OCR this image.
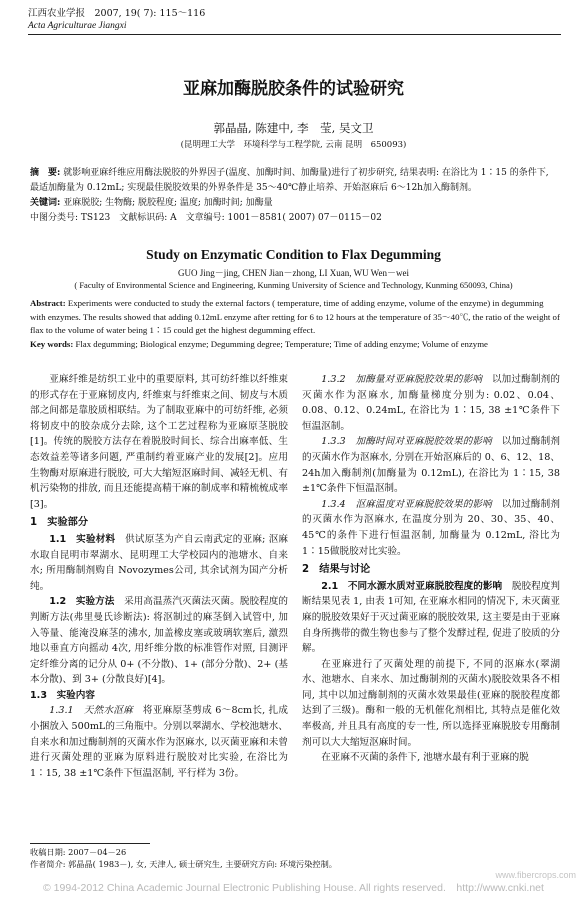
江西农业学报　2007, 19( 7): 115～116
Acta Agriculturae Jiangxi
亚麻加酶脱胶条件的试验研究
郭晶晶, 陈建中, 李　莹, 吴文卫
(昆明理工大学　环境科学与工程学院, 云南 昆明　650093)
摘　要: 就影响亚麻纤维应用酶法脱胶的外界因子(温度、加酶时间、加酶量)进行了初步研究, 结果表明: 在浴比为 1∶15 的条件下, 最适加酶量为 0.12mL; 实现最佳脱胶效果的外界条件是 35～40℃静止培养、开始沤麻后 6～12h加入酶制剂。
关键词: 亚麻脱胶; 生物酶; 脱胶程度; 温度; 加酶时间; 加酶量
中图分类号: TS123　文献标识码: A　文章编号: 1001－8581( 2007) 07－0115－02
Study on Enzymatic Condition to Flax Degumming
GUO Jing－jing, CHEN Jian－zhong, LI Xuan, WU Wen－wei
( Faculty of Environmental Science and Engineering, Kunming University of Science and Technology, Kunming 650093, China)
Abstract: Experiments were conducted to study the external factors ( temperature, time of adding enzyme, volume of the enzyme) in degumming with enzymes. The results showed that adding 0.12mL enzyme after retting for 6 to 12 hours at the temperature of 35～40℃, the ratio of the weight of flax to the volume of water being 1∶15 could get the highest degumming effect.
Key words: Flax degumming; Biological enzyme; Degumming degree; Temperature; Time of adding enzyme; Volume of enzyme

亚麻纤维是纺织工业中的重要原料, 其可纺纤维以纤维束的形式存在于亚麻韧皮内, 纤维束与纤维束之间、韧皮与木质部之间都是靠胶质相联结。为了制取亚麻中的可纺纤维, 必须将韧皮中的胶杂成分去除, 这个工艺过程称为亚麻原茎脱胶[1]。传统的脱胶方法存在着脱胶时间长、综合出麻率低、生态效益差等诸多问题, 严重制约着亚麻产业的发展[2]。应用生物酶对原麻进行脱胶, 可大大缩短沤麻时间、减轻无机、有机污染物的排放, 而且还能提高精干麻的制成率和精梳梳成率[3]。

1　实验部分

1.1　实验材料　 供试原茎为产自云南武定的亚麻; 沤麻水取自昆明市翠湖水、昆明理工大学校园内的池塘水、自来水; 所用酶制剂购自 Novozymes公司, 其余试剂为国产分析纯。

1.2　实验方法　 采用高温蒸汽灭菌法灭菌。脱胶程度的判断方法(弗里曼氏诊断法): 将沤制过的麻茎倒入试管中, 加入等量、能淹没麻茎的沸水, 加盖橡皮塞或玻璃软塞后, 激烈地以垂直方向摇动 4次, 用纤维分散的标准管作对照, 目测评定纤维分离的记分从 0+ (不分散)、1+ (部分分散)、2+ (基本分散)、到 3+ (分散良好)[4]。

1.3　实验内容

1.3.1　天然水沤麻　 将亚麻原茎剪成 6～8cm长, 扎成小捆放入 500mL的三角瓶中。分别以翠湖水、学校池塘水、自来水和加过酶制剂的灭菌水作为沤麻水, 以灭菌亚麻和未曾进行灭菌处理的亚麻为原料进行脱胶对比实验, 在浴比为 1∶15, 38 ±1℃条件下恒温沤制, 平行样为 3份。

1.3.2　加酶量对亚麻脱胶效果的影响　 以加过酶制剂的灭菌水作为沤麻水, 加酶量梯度分别为: 0.02、0.04、0.08、0.12、0.24mL, 在浴比为 1∶15, 38 ±1℃条件下恒温沤制。

1.3.3　加酶时间对亚麻脱胶效果的影响　 以加过酶制剂的灭菌水作为沤麻水, 分别在开始沤麻后的 0、6、12、18、24h加入酶制剂(加酶量为 0.12mL), 在浴比为 1∶15, 38 ±1℃条件下恒温沤制。

1.3.4　沤麻温度对亚麻脱胶效果的影响　 以加过酶制剂的灭菌水作为沤麻水, 在温度分别为 20、30、35、40、45℃的条件下进行恒温沤制, 加酶量为 0.12mL, 浴比为 1∶15做脱胶对比实验。

2　结果与讨论

2.1　不同水源水质对亚麻脱胶程度的影响　 脱胶程度判断结果见表 1, 由表 1可知, 在亚麻水相同的情况下, 未灭菌亚麻的脱胶效果好于灭过菌亚麻的脱胶效果, 这主要是由于亚麻自身所携带的微生物也参与了整个发酵过程, 促进了胶质的分解。

在亚麻进行了灭菌处理的前提下, 不同的沤麻水(翠湖水、池塘水、自来水、加过酶制剂的灭菌水)脱胶效果各不相同, 其中以加过酶制剂的灭菌水效果最佳(亚麻的脱胶程度都达到了三级)。酶和一般的无机催化剂相比, 其特点是催化效率极高, 并且具有高度的专一性, 所以选择亚麻脱胶专用酶制剂可以大大缩短沤麻时间。

在亚麻不灭菌的条件下, 池塘水最有利于亚麻的脱

收稿日期: 2007－04－26
作者简介: 郭晶晶( 1983－), 女, 天津人, 硕士研究生, 主要研究方向: 环境污染控制。
© 1994-2012 China Academic Journal Electronic Publishing House. All rights reserved.　http://www.cnki.net
www.fibercrops.com
